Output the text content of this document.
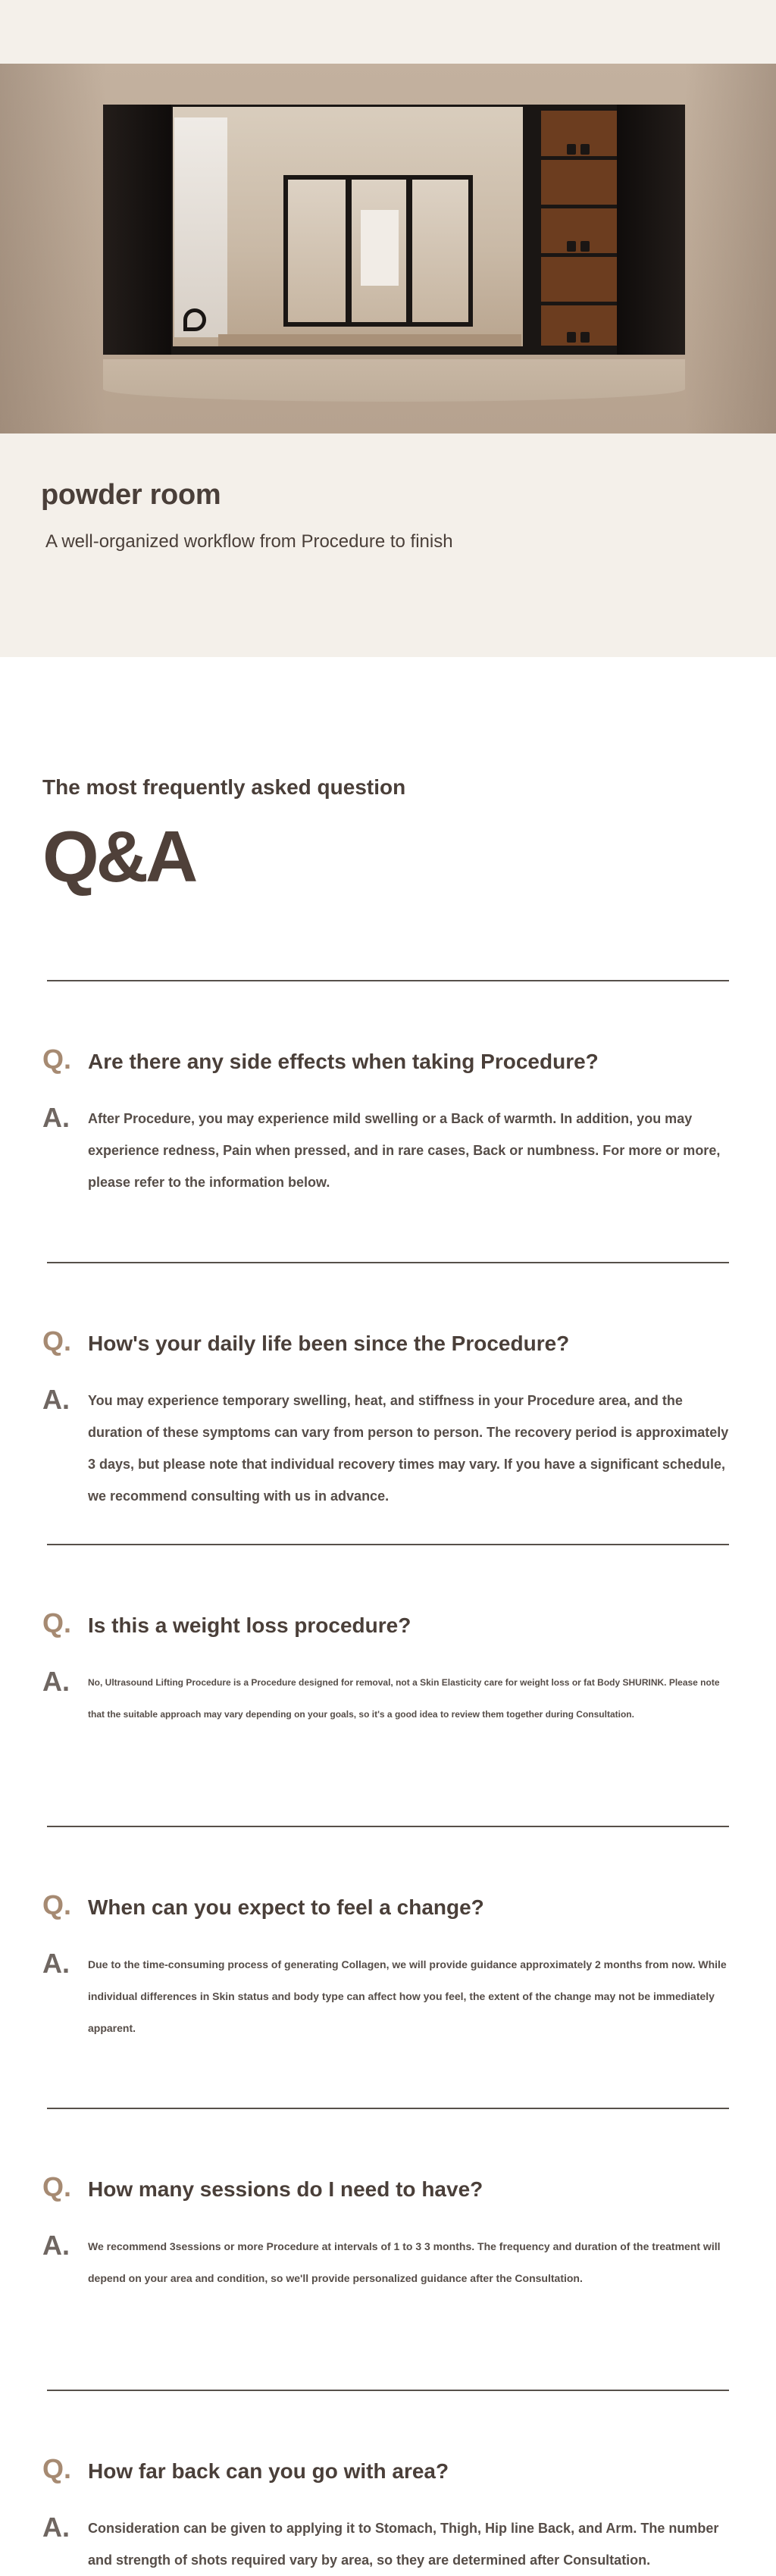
powder room

A well-organized workflow from Procedure to finish

The most frequently asked question
Q&A
Q. Are there any side effects when taking Procedure?
A.	After Procedure, you may experience mild swelling or a Back of warmth. In addition, you may experience redness, Pain when pressed, and in rare cases, Back or numbness. For more or more, please refer to the information below.

Q. How's your daily life been since the Procedure?
A.	You may experience temporary swelling, heat, and stiffness in your Procedure area, and the duration of these symptoms can vary from person to person. The recovery period is approximately 3 days, but please note that individual recovery times may vary. If you have a significant schedule, we recommend consulting with us in advance.

Q. Is this a weight loss procedure?
A.	No, Ultrasound Lifting Procedure is a Procedure designed for removal, not a Skin Elasticity care for weight loss or fat Body SHURINK. Please note that the suitable approach may vary depending on your goals, so it's a good idea to review them together during Consultation.

Q. When can you expect to feel a change?
A.	Due to the time-consuming process of generating Collagen, we will provide guidance approximately 2 months from now. While individual differences in Skin status and body type can affect how you feel, the extent of the change may not be immediately apparent.

Q. How many sessions do I need to have?
A.	We recommend 3sessions or more Procedure at intervals of 1 to 3 3 months. The frequency and duration of the treatment will depend on your area and condition, so we'll provide personalized guidance after the Consultation.

Q. How far back can you go with area?
A.	Consideration can be given to applying it to Stomach, Thigh, Hip line Back, and Arm. The number and strength of shots required vary by area, so they are determined after Consultation.
